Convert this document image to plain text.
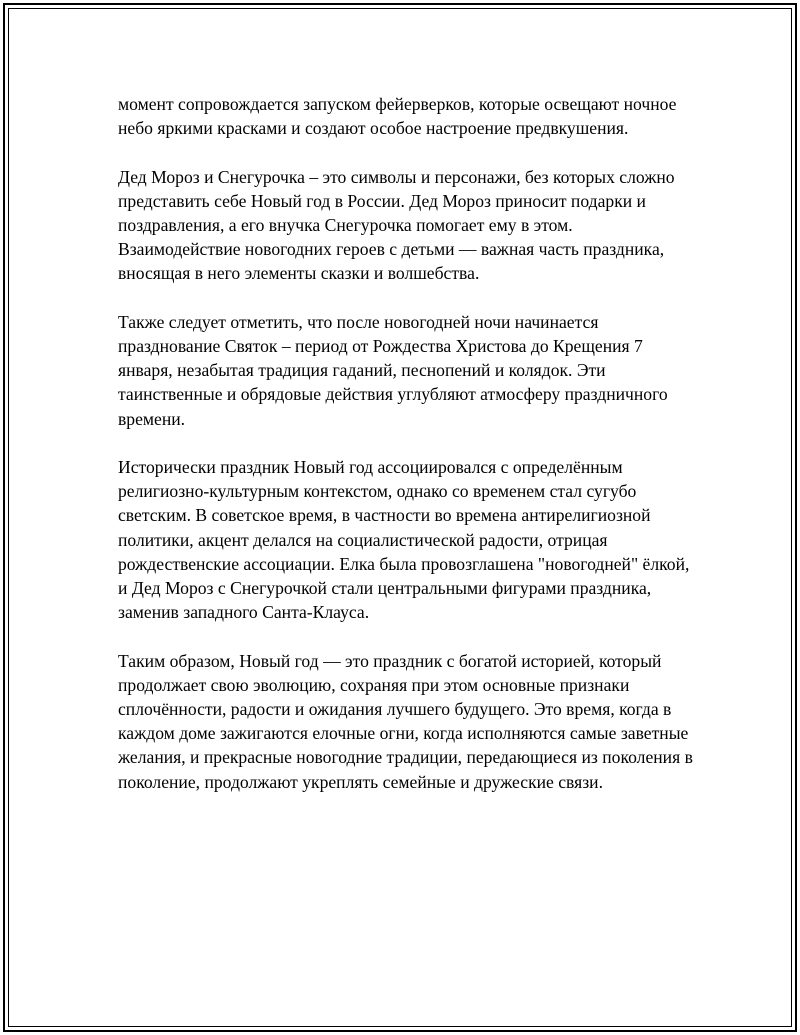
момент сопровождается запуском фейерверков, которые освещают ночное небо яркими красками и создают особое настроение предвкушения.

Дед Мороз и Снегурочка – это символы и персонажи, без которых сложно представить себе Новый год в России. Дед Мороз приносит подарки и поздравления, а его внучка Снегурочка помогает ему в этом. Взаимодействие новогодних героев с детьми — важная часть праздника, вносящая в него элементы сказки и волшебства.

Также следует отметить, что после новогодней ночи начинается празднование Святок – период от Рождества Христова до Крещения 7 января, незабытая традиция гаданий, песнопений и колядок. Эти таинственные и обрядовые действия углубляют атмосферу праздничного времени.

Исторически праздник Новый год ассоциировался с определённым религиозно-культурным контекстом, однако со временем стал сугубо светским. В советское время, в частности во времена антирелигиозной политики, акцент делался на социалистической радости, отрицая рождественские ассоциации. Елка была провозглашена "новогодней" ёлкой, и Дед Мороз с Снегурочкой стали центральными фигурами праздника, заменив западного Санта-Клауса.

Таким образом, Новый год — это праздник с богатой историей, который продолжает свою эволюцию, сохраняя при этом основные признаки сплочённости, радости и ожидания лучшего будущего. Это время, когда в каждом доме зажигаются елочные огни, когда исполняются самые заветные желания, и прекрасные новогодние традиции, передающиеся из поколения в поколение, продолжают укреплять семейные и дружеские связи.
